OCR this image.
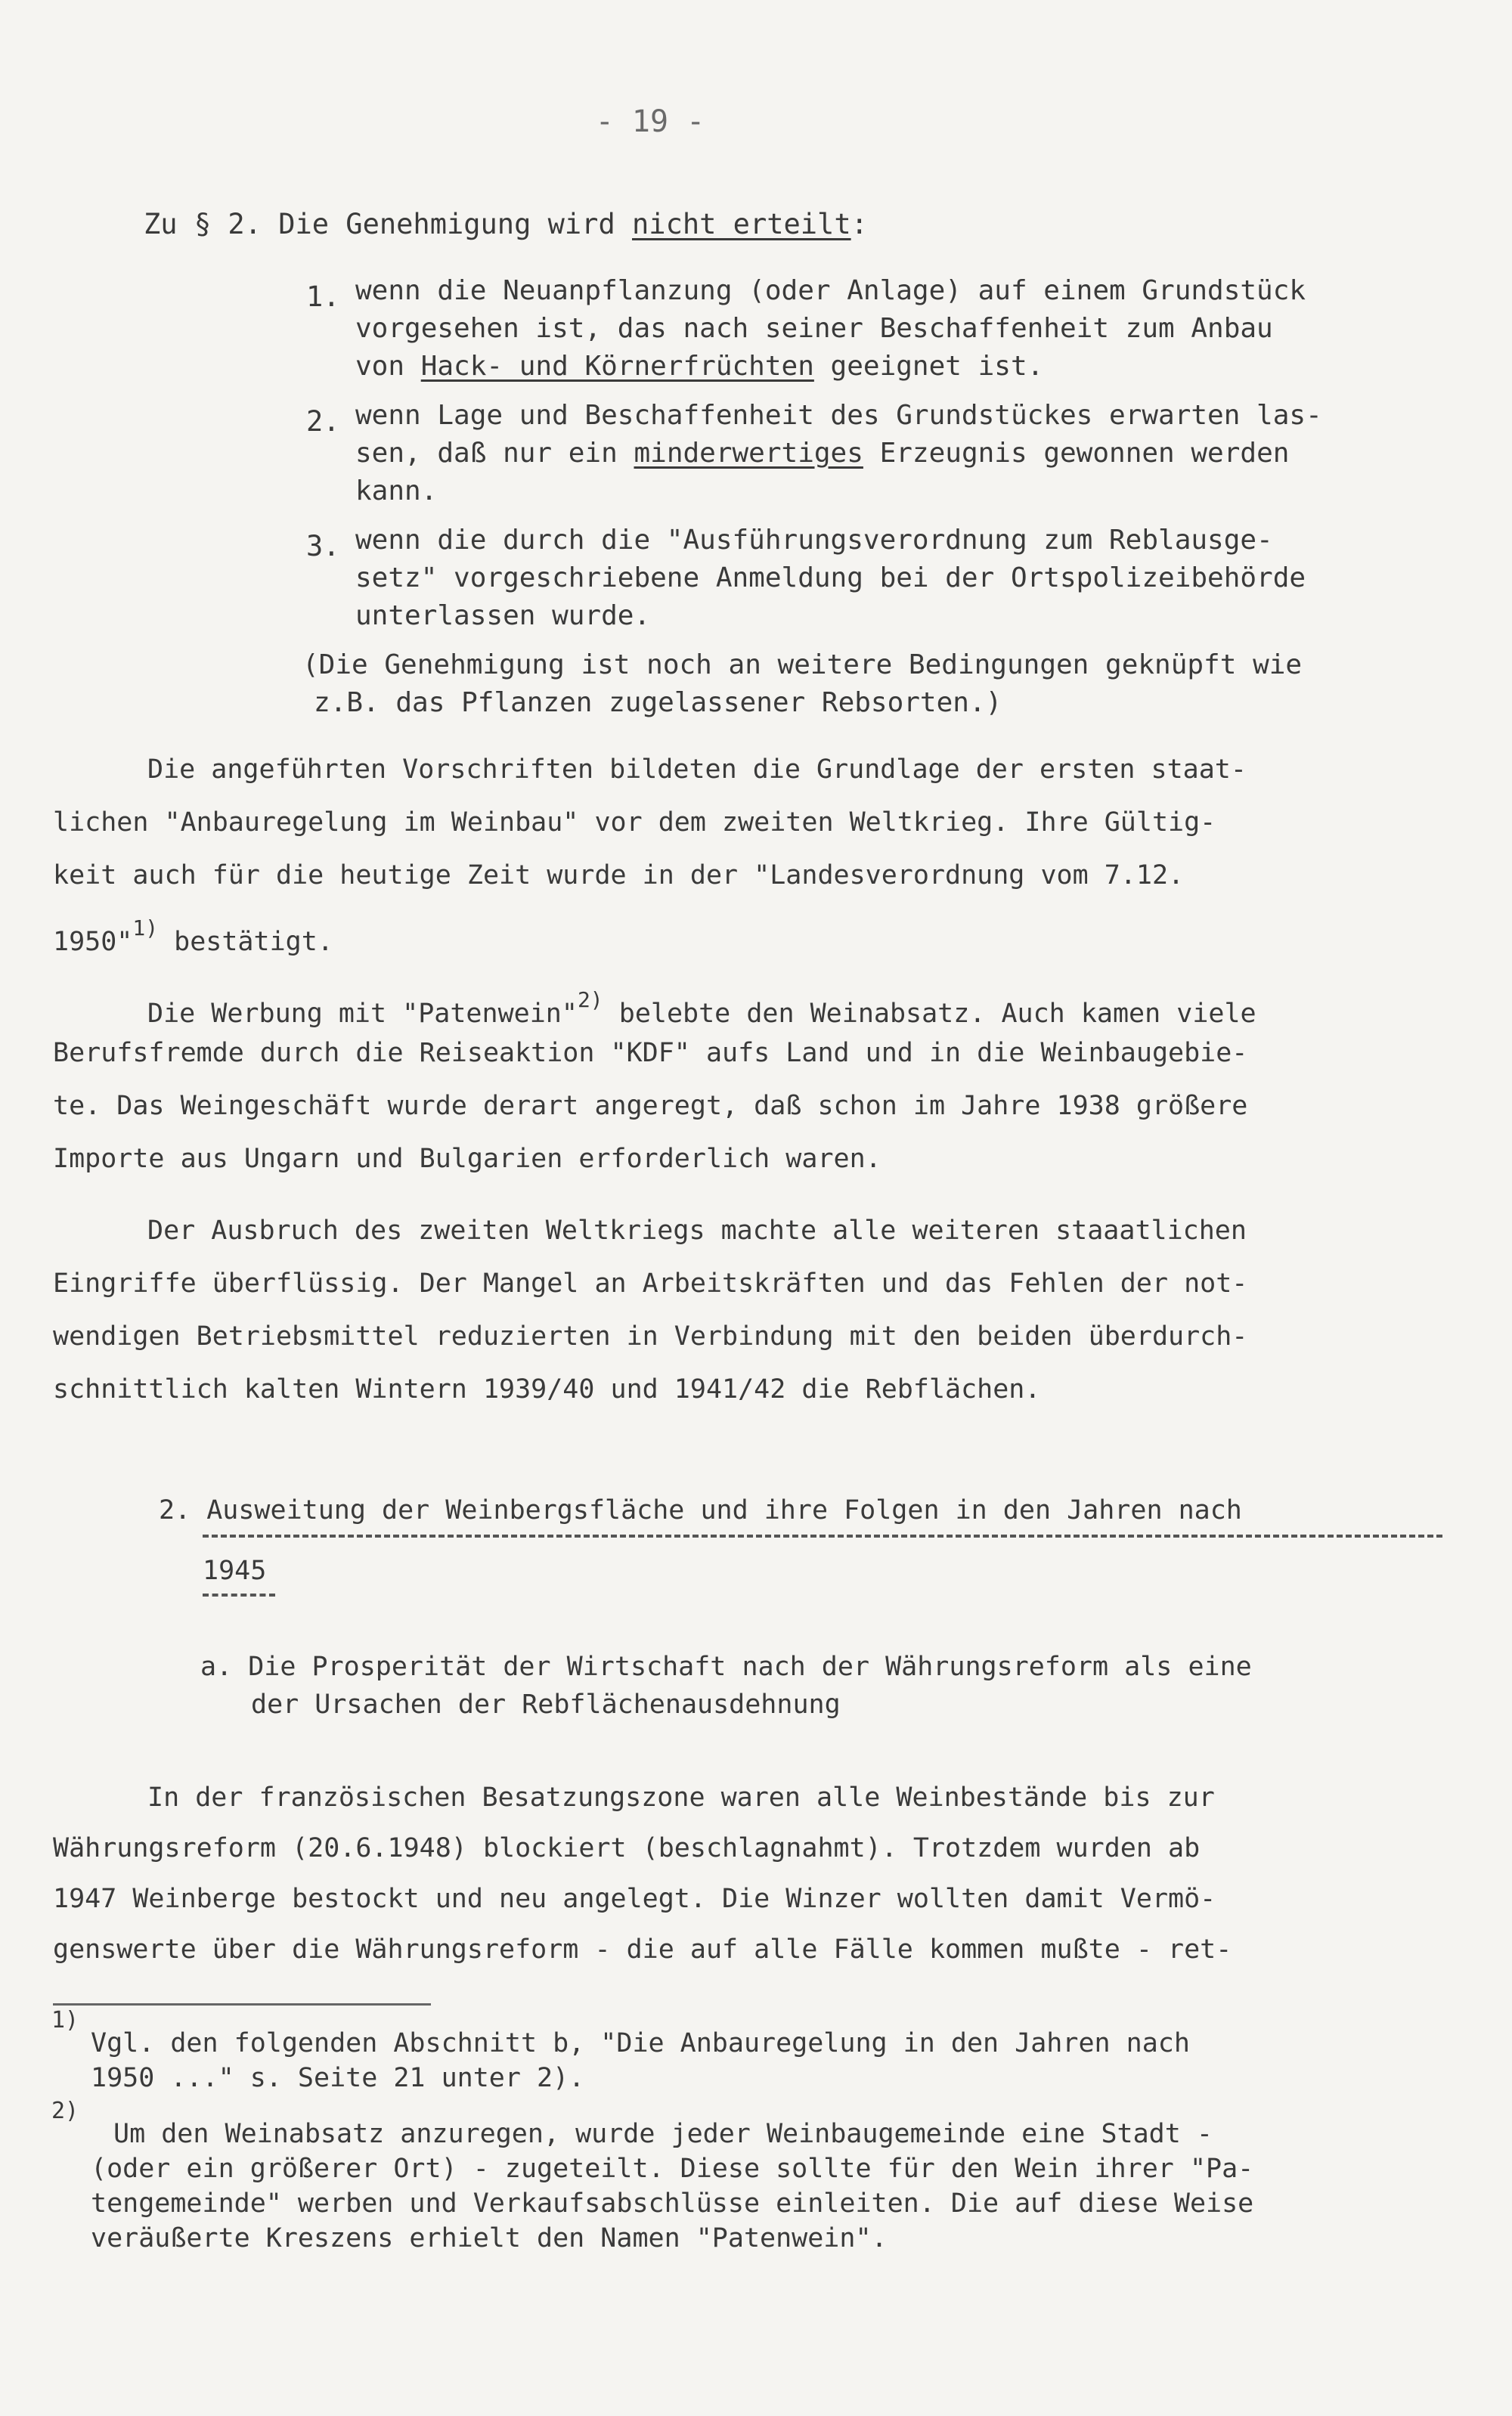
- 19 -
Zu § 2. Die Genehmigung wird nicht erteilt:
1. wenn die Neuanpflanzung (oder Anlage) auf einem Grundstück
vorgesehen ist, das nach seiner Beschaffenheit zum Anbau
von Hack- und Körnerfrüchten geeignet ist.
2. wenn Lage und Beschaffenheit des Grundstückes erwarten las-
sen, daß nur ein minderwertiges Erzeugnis gewonnen werden
kann.
3. wenn die durch die "Ausführungsverordnung zum Reblausge-
setz" vorgeschriebene Anmeldung bei der Ortspolizeibehörde
unterlassen wurde.
(Die Genehmigung ist noch an weitere Bedingungen geknüpft wie
z.B. das Pflanzen zugelassener Rebsorten.)
Die angeführten Vorschriften bildeten die Grundlage der ersten staat-
lichen "Anbauregelung im Weinbau" vor dem zweiten Weltkrieg. Ihre Gültig-
keit auch für die heutige Zeit wurde in der "Landesverordnung vom 7.12.
1950"$^{1)}$ bestätigt.
Die Werbung mit "Patenwein"$^{2)}$ belebte den Weinabsatz. Auch kamen viele
Berufsfremde durch die Reiseaktion "KDF" aufs Land und in die Weinbaugebie-
te. Das Weingeschäft wurde derart angeregt, daß schon im Jahre 1938 größere
Importe aus Ungarn und Bulgarien erforderlich waren.
Der Ausbruch des zweiten Weltkriegs machte alle weiteren staaatlichen
Eingriffe überflüssig. Der Mangel an Arbeitskräften und das Fehlen der not-
wendigen Betriebsmittel reduzierten in Verbindung mit den beiden überdurch-
schnittlich kalten Wintern 1939/40 und 1941/42 die Rebflächen.
2. Ausweitung der Weinbergsfläche und ihre Folgen in den Jahren nach
1945
a. Die Prosperität der Wirtschaft nach der Währungsreform als eine
der Ursachen der Rebflächenausdehnung
In der französischen Besatzungszone waren alle Weinbestände bis zur
Währungsreform (20.6.1948) blockiert (beschlagnahmt). Trotzdem wurden ab
1947 Weinberge bestockt und neu angelegt. Die Winzer wollten damit Vermö-
genswerte über die Währungsreform - die auf alle Fälle kommen mußte - ret-
1)
Vgl. den folgenden Abschnitt b, "Die Anbauregelung in den Jahren nach
1950 ..." s. Seite 21 unter 2).
2)
Um den Weinabsatz anzuregen, wurde jeder Weinbaugemeinde eine Stadt -
(oder ein größerer Ort) - zugeteilt. Diese sollte für den Wein ihrer "Pa-
tengemeinde" werben und Verkaufsabschlüsse einleiten. Die auf diese Weise
veräußerte Kreszens erhielt den Namen "Patenwein".
